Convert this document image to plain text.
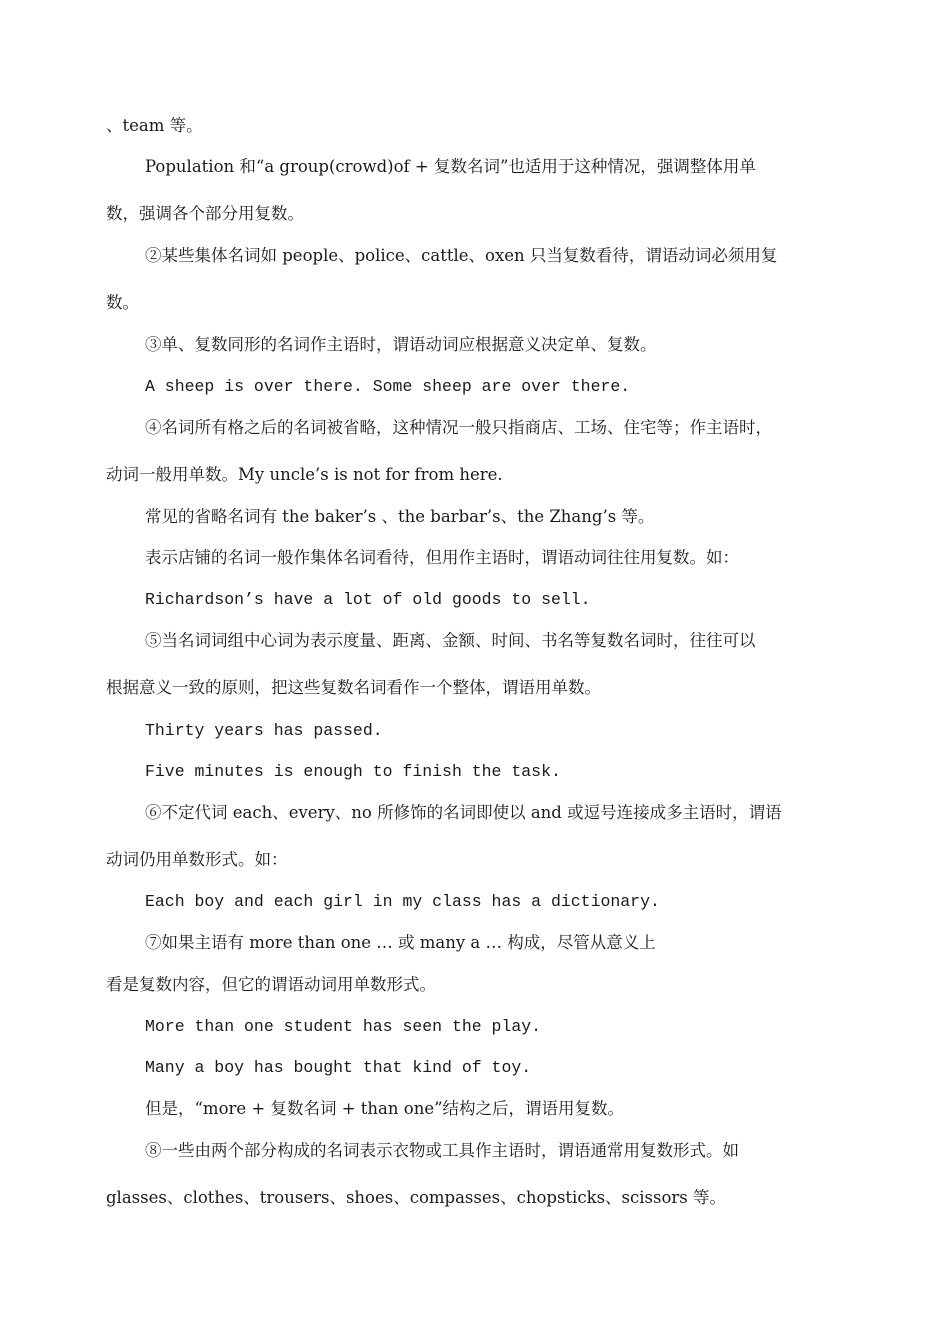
、team 等。
Population 和“a group(crowd)of + 复数名词”也适用于这种情况，强调整体用单
数，强调各个部分用复数。
②某些集体名词如 people、police、cattle、oxen 只当复数看待，谓语动词必须用复
数。
③单、复数同形的名词作主语时，谓语动词应根据意义决定单、复数。
A sheep is over there. Some sheep are over there.
④名词所有格之后的名词被省略，这种情况一般只指商店、工场、住宅等；作主语时，
动词一般用单数。My uncle’s is not for from here.
常见的省略名词有 the baker’s 、the barbar’s、the Zhang’s 等。
表示店铺的名词一般作集体名词看待，但用作主语时，谓语动词往往用复数。如：
Richardson’s have a lot of old goods to sell.
⑤当名词词组中心词为表示度量、距离、金额、时间、书名等复数名词时，往往可以
根据意义一致的原则，把这些复数名词看作一个整体，谓语用单数。
Thirty years has passed.
Five minutes is enough to finish the task.
⑥不定代词 each、every、no 所修饰的名词即使以 and 或逗号连接成多主语时，谓语
动词仍用单数形式。如：
Each boy and each girl in my class has a dictionary.
⑦如果主语有 more than one … 或 many a … 构成，尽管从意义上
看是复数内容，但它的谓语动词用单数形式。
More than one student has seen the play.
Many a boy has bought that kind of toy.
但是，“more + 复数名词 + than one”结构之后，谓语用复数。
⑧一些由两个部分构成的名词表示衣物或工具作主语时，谓语通常用复数形式。如
glasses、clothes、trousers、shoes、compasses、chopsticks、scissors 等。
